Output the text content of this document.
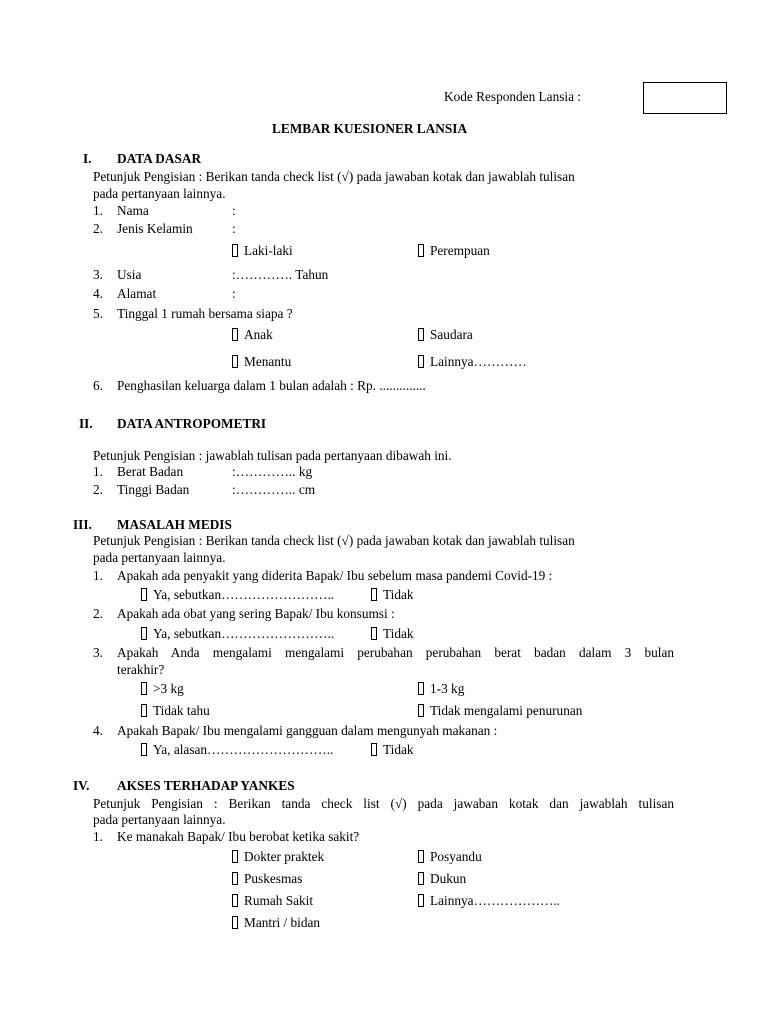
Kode Responden Lansia :
LEMBAR KUESIONER LANSIA
I. DATA DASAR
Petunjuk Pengisian : Berikan tanda check list (√) pada jawaban kotak dan jawablah tulisan
pada pertanyaan lainnya.
1. Nama	:
2. Jenis Kelamin	:
Laki-laki	Perempuan
3. Usia	:…………. Tahun
4. Alamat	:
5. Tinggal 1 rumah bersama siapa ?
Anak	Saudara
Menantu	Lainnya…………
6. Penghasilan keluarga dalam 1 bulan adalah : Rp. ..............
II. DATA ANTROPOMETRI
Petunjuk Pengisian : jawablah tulisan pada pertanyaan dibawah ini.
1. Berat Badan	:………….. kg
2. Tinggi Badan	:………….. cm
III. MASALAH MEDIS
Petunjuk Pengisian : Berikan tanda check list (√) pada jawaban kotak dan jawablah tulisan
pada pertanyaan lainnya.
1. Apakah ada penyakit yang diderita Bapak/ Ibu sebelum masa pandemi Covid-19 :
Ya, sebutkan……………………..	Tidak
2. Apakah ada obat yang sering Bapak/ Ibu konsumsi :
Ya, sebutkan……………………..	Tidak
3. Apakah Anda mengalami mengalami perubahan perubahan berat badan dalam 3 bulan
terakhir?
>3 kg	1-3 kg
Tidak tahu	Tidak mengalami penurunan
4. Apakah Bapak/ Ibu mengalami gangguan dalam mengunyah makanan :
Ya, alasan………………………..	Tidak
IV. AKSES TERHADAP YANKES
Petunjuk Pengisian : Berikan tanda check list (√) pada jawaban kotak dan jawablah tulisan
pada pertanyaan lainnya.
1. Ke manakah Bapak/ Ibu berobat ketika sakit?
Dokter praktek	Posyandu
Puskesmas	Dukun
Rumah Sakit	Lainnya………………..
Mantri / bidan
